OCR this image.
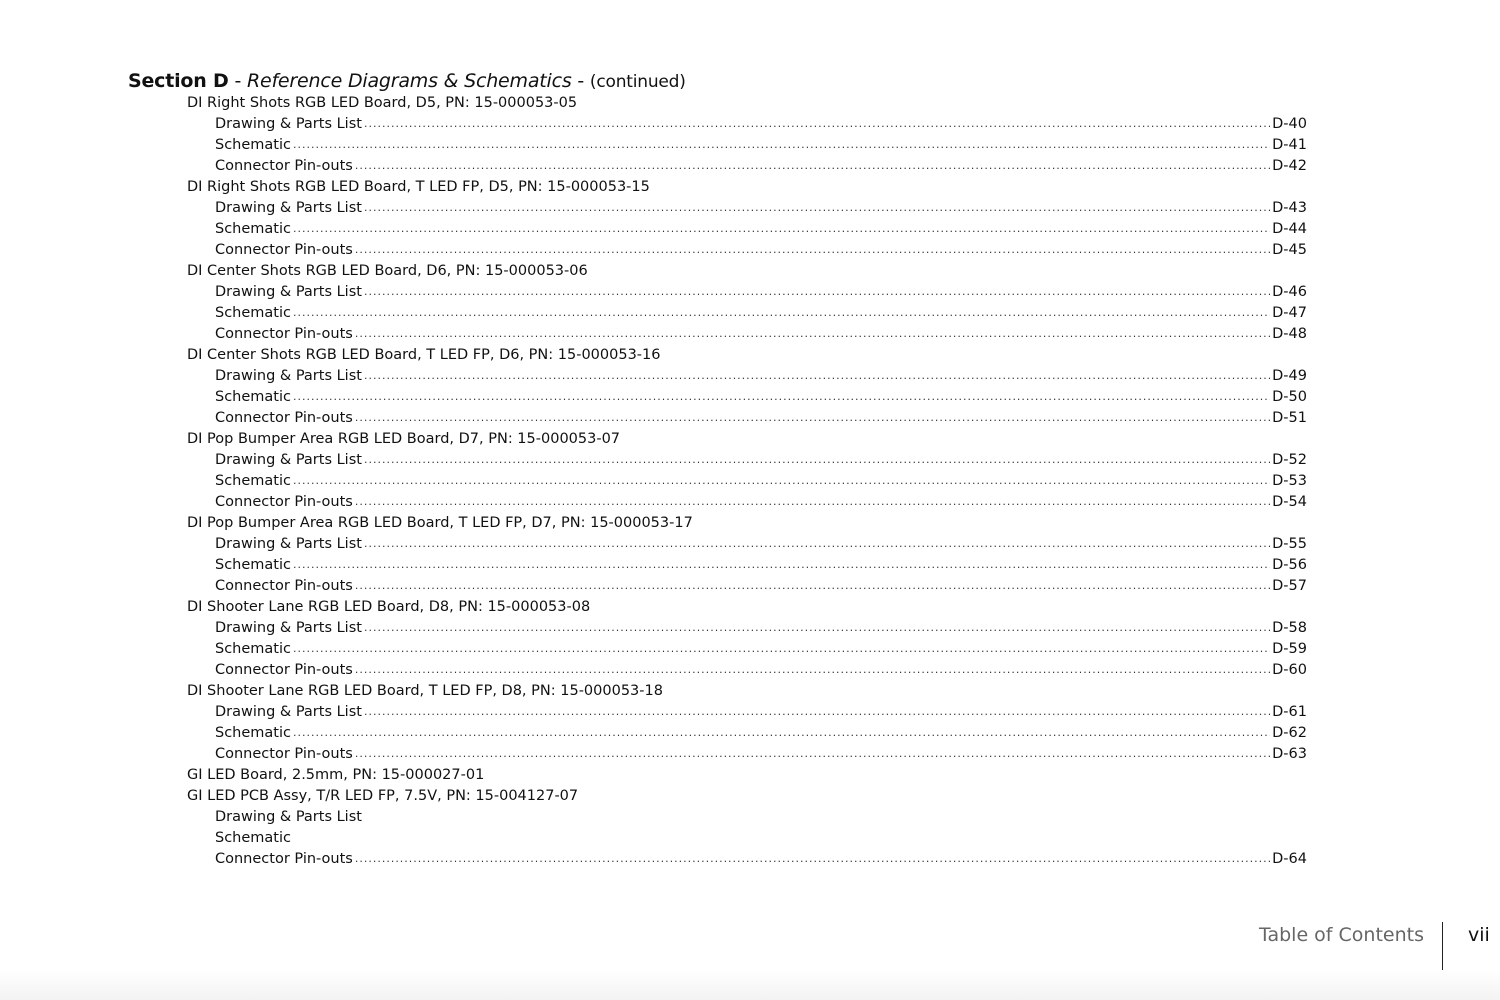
Section D - Reference Diagrams & Schematics - (continued)
DI Right Shots RGB LED Board, D5, PN: 15-000053-05
Drawing & Parts List .....	D-40
Schematic .....	D-41
Connector Pin-outs .....	D-42
DI Right Shots RGB LED Board, T LED FP, D5, PN: 15-000053-15
Drawing & Parts List .....	D-43
Schematic .....	D-44
Connector Pin-outs .....	D-45
DI Center Shots RGB LED Board, D6, PN: 15-000053-06
Drawing & Parts List .....	D-46
Schematic .....	D-47
Connector Pin-outs .....	D-48
DI Center Shots RGB LED Board, T LED FP, D6, PN: 15-000053-16
Drawing & Parts List .....	D-49
Schematic .....	D-50
Connector Pin-outs .....	D-51
DI Pop Bumper Area RGB LED Board, D7, PN: 15-000053-07
Drawing & Parts List .....	D-52
Schematic .....	D-53
Connector Pin-outs .....	D-54
DI Pop Bumper Area RGB LED Board, T LED FP, D7, PN: 15-000053-17
Drawing & Parts List .....	D-55
Schematic .....	D-56
Connector Pin-outs .....	D-57
DI Shooter Lane RGB LED Board, D8, PN: 15-000053-08
Drawing & Parts List .....	D-58
Schematic .....	D-59
Connector Pin-outs .....	D-60
DI Shooter Lane RGB LED Board, T LED FP, D8, PN: 15-000053-18
Drawing & Parts List .....	D-61
Schematic .....	D-62
Connector Pin-outs .....	D-63
GI LED Board, 2.5mm, PN: 15-000027-01
GI LED PCB Assy, T/R LED FP, 7.5V, PN: 15-004127-07
Drawing & Parts List
Schematic
Connector Pin-outs .....	D-64
Table of Contents vii
